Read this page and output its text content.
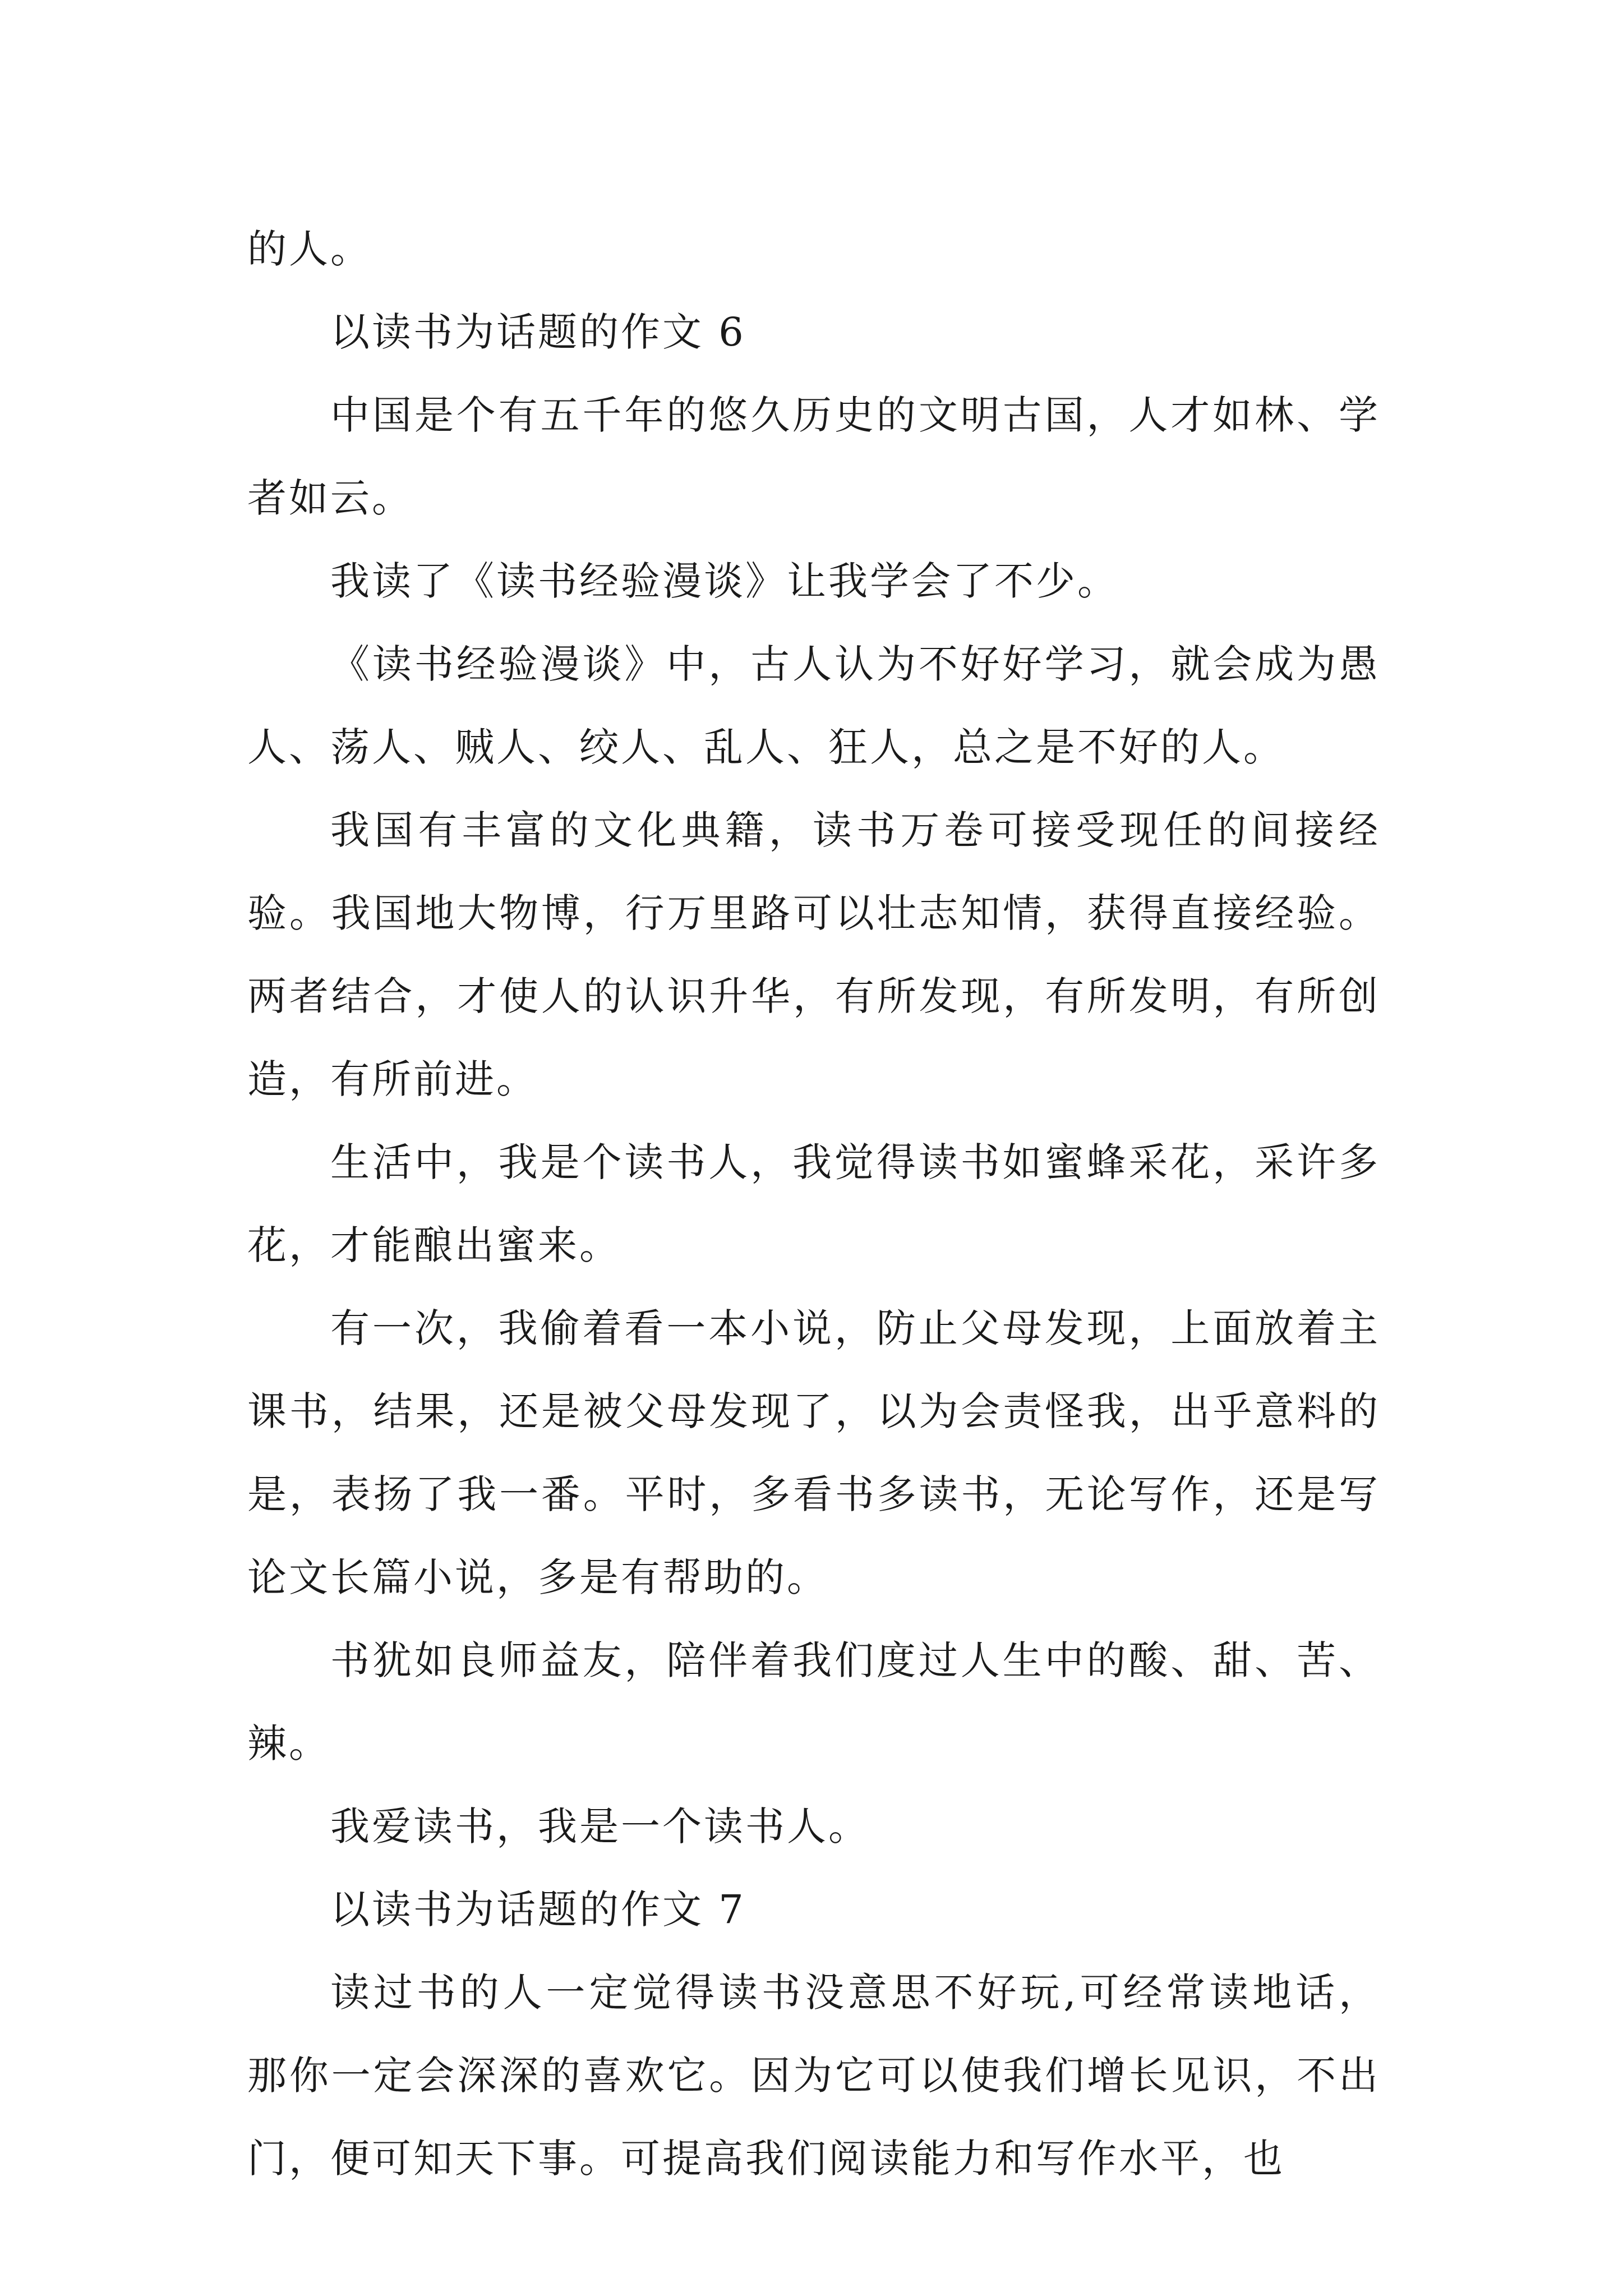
的人。

以读书为话题的作文 6

中国是个有五千年的悠久历史的文明古国，人才如林、学者如云。

我读了《读书经验漫谈》让我学会了不少。

《读书经验漫谈》中，古人认为不好好学习，就会成为愚人、荡人、贼人、绞人、乱人、狂人，总之是不好的人。

我国有丰富的文化典籍，读书万卷可接受现任的间接经验。我国地大物博，行万里路可以壮志知情，获得直接经验。两者结合，才使人的认识升华，有所发现，有所发明，有所创造，有所前进。

生活中，我是个读书人，我觉得读书如蜜蜂采花，采许多花，才能酿出蜜来。

有一次，我偷着看一本小说，防止父母发现，上面放着主课书，结果，还是被父母发现了，以为会责怪我，出乎意料的是，表扬了我一番。平时，多看书多读书，无论写作，还是写论文长篇小说，多是有帮助的。

书犹如良师益友，陪伴着我们度过人生中的酸、甜、苦、辣。

我爱读书，我是一个读书人。

以读书为话题的作文 7

读过书的人一定觉得读书没意思不好玩,可经常读地话，那你一定会深深的喜欢它。因为它可以使我们增长见识，不出门，便可知天下事。可提高我们阅读能力和写作水平，也
